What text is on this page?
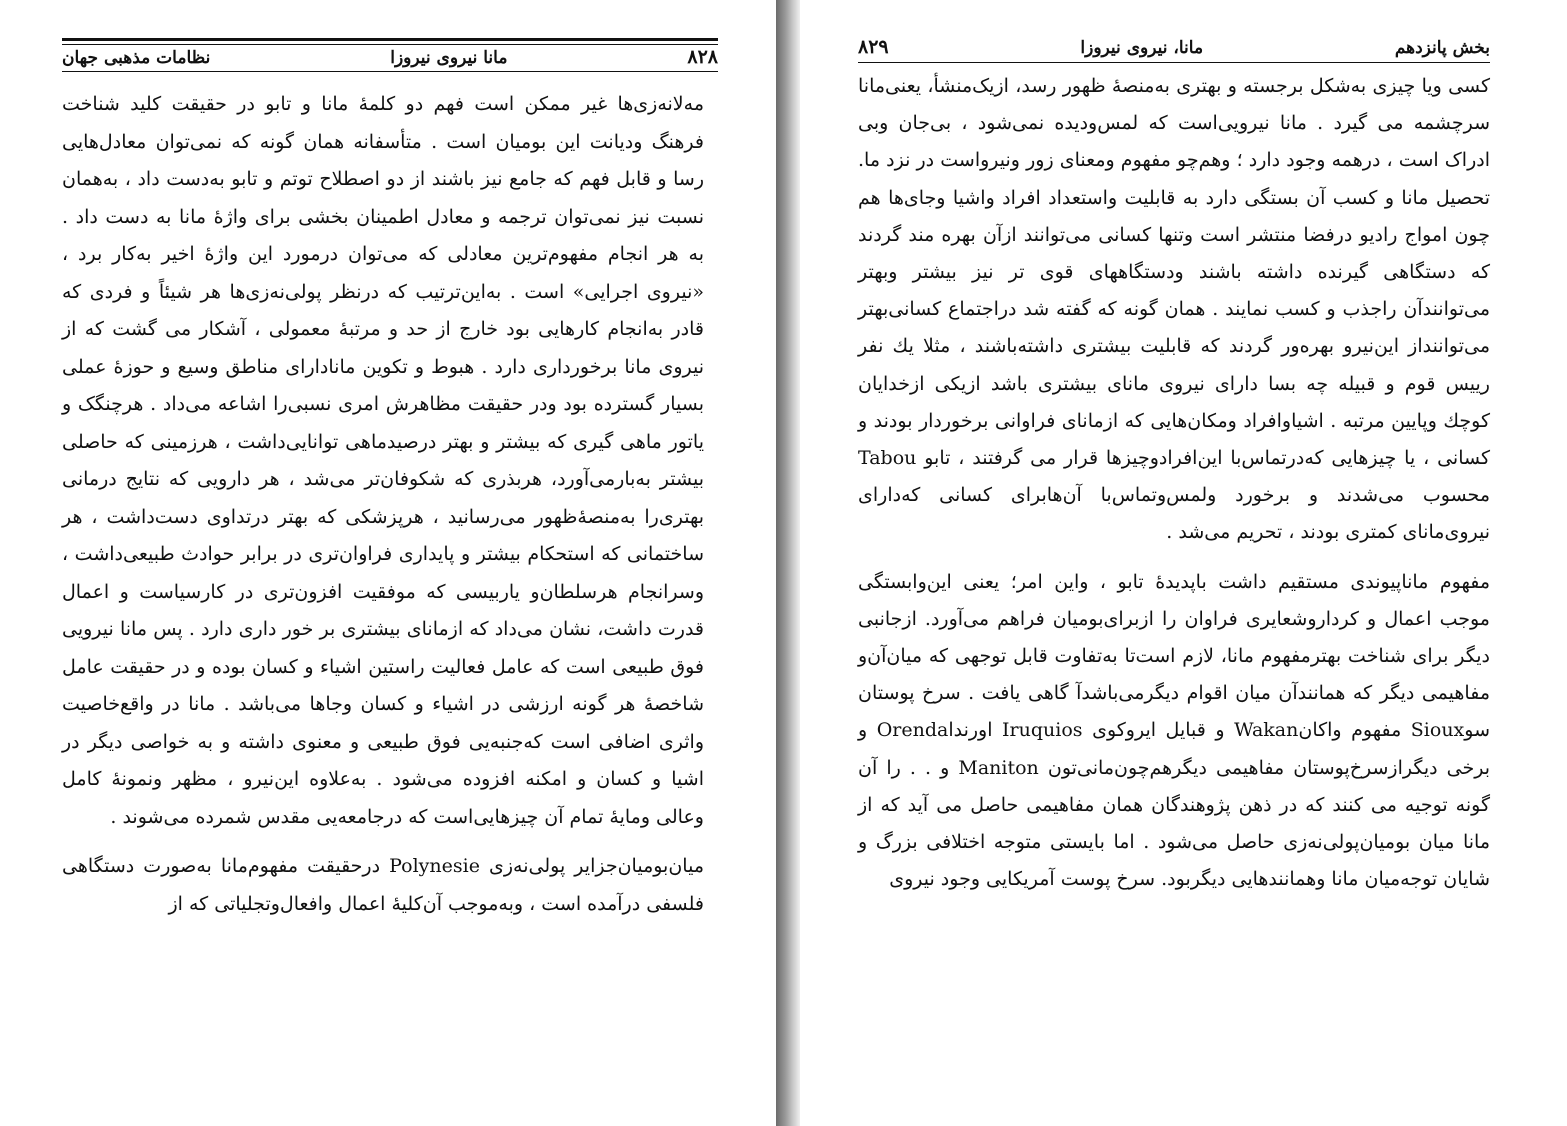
۸۲۸
مانا نیروی نیروزا
نظامات مذهبی جهان

مه‌لانه‌زی‌ها غیر ممکن است فهم دو کلمهٔ مانا و تابو در حقیقت کلید شناخت فرهنگ ودیانت این بومیان است . متأسفانه همان گونه که نمی‌توان معادل‌هایی رسا و قابل فهم که جامع نیز باشند از دو اصطلاح توتم و تابو به‌دست داد ، به‌همان نسبت نیز نمی‌توان ترجمه و معادل اطمینان بخشی برای واژهٔ مانا به دست داد . به هر انجام مفهوم‌ترین معادلی که می‌توان درمورد این واژهٔ اخیر به‌کار برد ، «نیروی اجرایی» است . به‌این‌ترتیب که درنظر پولی‌نه‌زی‌ها هر شیئاً و فردی که قادر به‌انجام کارهایی بود خارج از حد و مرتبهٔ معمولی ، آشکار می گشت که از نیروی مانا برخورداری دارد . هبوط و تکوین مانادارای مناطق وسیع و حوزهٔ عملی بسیار گسترده بود ودر حقیقت مظاهرش امری نسبی‌را اشاعه می‌داد . هرچنگک و یاتور ماهی گیری که بیشتر و بهتر درصیدماهی توانایی‌داشت ، هرزمینی که حاصلی بیشتر به‌بارمی‌آورد، هربذری که شکوفان‌تر می‌شد ، هر دارویی که نتایج درمانی بهتری‌را به‌منصهٔ‌ظهور می‌رسانید ، هرپزشکی که بهتر درتداوی دست‌داشت ، هر ساختمانی که استحکام بیشتر و پایداری فراوان‌تری در برابر حوادث طبیعی‌داشت ، وسرانجام هرسلطان‌و یاربیسی که موفقیت افزون‌تری در کارسیاست و اعمال قدرت داشت، نشان می‌داد که ازمانای بیشتری بر خور داری دارد . پس مانا نیرویی فوق طبیعی است که عامل فعالیت راستین اشیاء و کسان بوده و در حقیقت عامل شاخصهٔ هر گونه ارزشی در اشیاء و کسان وجاها می‌باشد . مانا در واقع‌خاصیت واثری اضافی است که‌جنبه‌یی فوق طبیعی و معنوی داشته و به خواصی دیگر در اشیا و کسان و امکنه افزوده می‌شود . به‌علاوه این‌نیرو ، مظهر ونمونهٔ کامل وعالی ومایهٔ تمام آن چیزهایی‌است که درجامعه‌یی مقدس شمرده می‌شوند .

میان‌بومیان‌جزایر پولی‌نه‌زی Polynesie درحقیقت مفهوم‌مانا به‌صورت دستگاهی فلسفی درآمده است ، وبه‌موجب آن‌کلیهٔ اعمال وافعال‌وتجلیاتی که از

بخش پانزدهم
مانا، نیروی نیروزا
۸۲۹

کسی ویا چیزی به‌شکل برجسته و بهتری به‌منصهٔ ظهور رسد، ازیک‌منشأ، یعنی‌مانا سرچشمه می گیرد . مانا نیرویی‌است که لمس‌ودیده نمی‌شود ، بی‌جان وبی ادراک است ، درهمه وجود دارد ؛ وهم‌چو مفهوم ومعنای زور ونیرواست در نزد ما. تحصیل مانا و کسب آن بستگی دارد به قابلیت واستعداد افراد واشیا وجای‌ها هم چون امواج رادیو درفضا منتشر است وتنها کسانی می‌توانند ازآن بهره مند گردند که دستگاهی گیرنده داشته باشند ودستگاههای قوی تر نیز بیشتر وبهتر می‌توانند‌آن راجذب و کسب نمایند . همان گونه که گفته شد دراجتماع کسانی‌بهتر می‌توانند‌از این‌نیرو بهره‌ور گردند که قابلیت بیشتری داشته‌باشند ، مثلا یك نفر رییس قوم و قبیله چه بسا دارای نیروی مانای بیشتری باشد ازیکی ازخدایان کوچك وپایین مرتبه . اشیاوافراد ومکان‌هایی که ازمانای فراوانی برخوردار بودند و کسانی ، یا چیزهایی که‌درتماس‌با این‌افرادوچیزها قرار می گرفتند ، تابو Tabou محسوب می‌شدند و برخورد ولمس‌وتماس‌با آن‌ها‌برای کسانی که‌دارای نیروی‌مانای کمتری بودند ، تحریم می‌شد .

مفهوم مانا‌پیوندی مستقیم داشت باپدیدهٔ تابو ، واین امر؛ یعنی این‌وابستگی موجب اعمال و کرداروشعایری فراوان را ازبرای‌بومیان فراهم می‌آورد. ازجانبی دیگر برای شناخت بهترمفهوم مانا، لازم است‌تا به‌تفاوت قابل توجهی که میان‌آن‌و مفاهیمی دیگر که همانندآن میان اقوام دیگرمی‌باشدآ گاهی یافت . سرخ پوستان سوSioux مفهوم واکانWakan و قبایل ایروکوی Iruquios اورنداOrenda و برخی دیگرازسرخ‌پوستان مفاهیمی دیگرهم‌چون‌مانی‌تون Maniton و . . را آن گونه توجیه می کنند که در ذهن پژوهندگان همان مفاهیمی حاصل می آید که از مانا میان بومیان‌پولی‌نه‌زی حاصل می‌شود . اما بایستی متوجه اختلافی بزرگ و شایان توجه‌میان مانا وهمانندهایی دیگربود. سرخ پوست آمریکایی وجود نیروی
